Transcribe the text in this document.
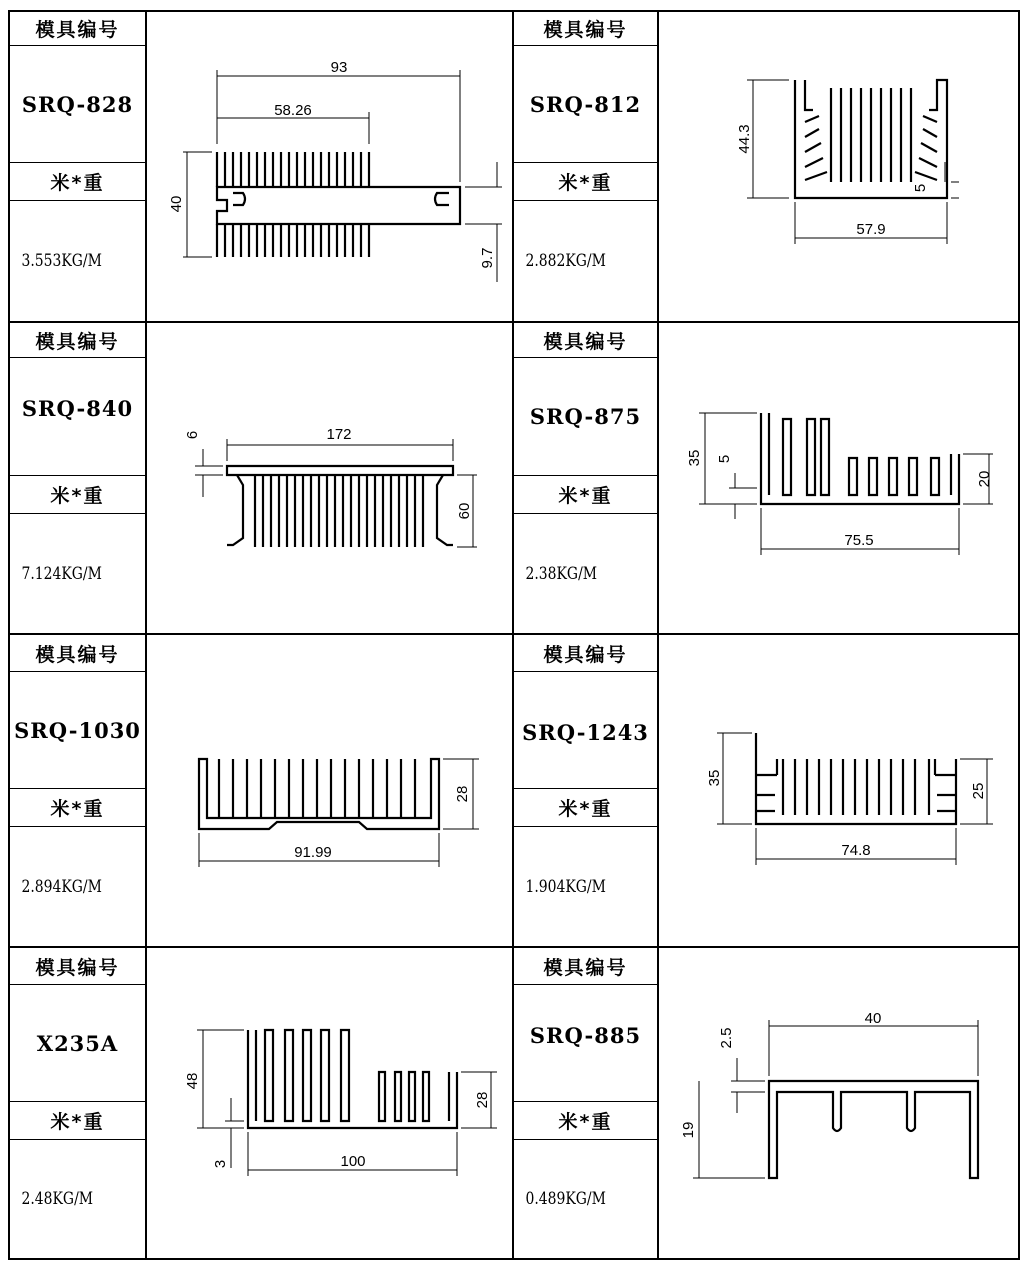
模具编号
SRQ-828
米*重
3.553KG/M
模具编号
SRQ-812
米*重
2.882KG/M
93
58.26
40
9.7
44.3
57.9
5
模具编号
SRQ-840
米*重
7.124KG/M
模具编号
SRQ-875
米*重
2.38KG/M
172
6
60
35 5
20
75.5
模具编号
SRQ-1030
米*重
2.894KG/M
模具编号
SRQ-1243
米*重
1.904KG/M
28
91.99
35
25
74.8
模具编号
X235A
米*重
2.48KG/M
模具编号
SRQ-885
米*重
0.489KG/M
48
28
3	100
40
2.5
19
